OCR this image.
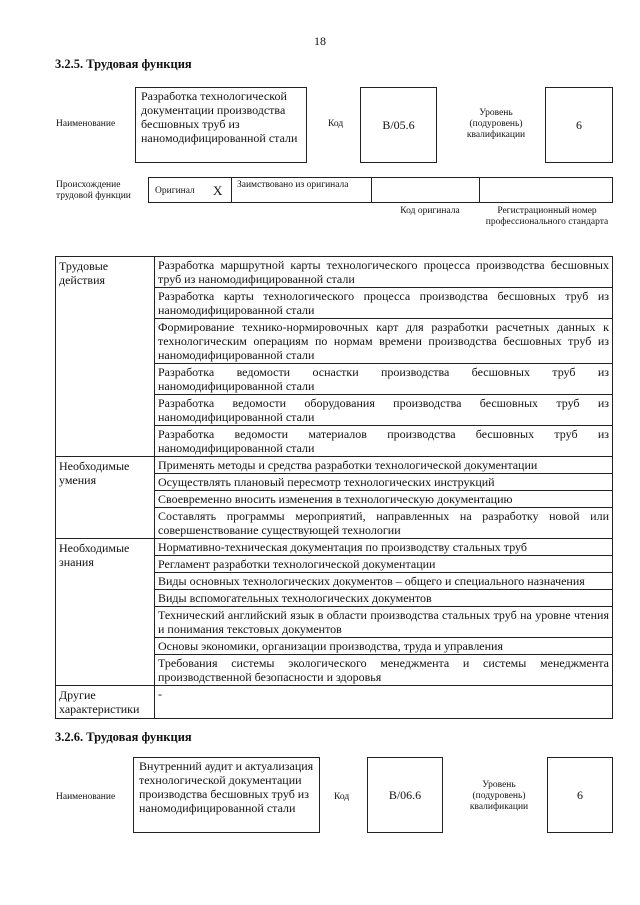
18
3.2.5. Трудовая функция
Наименование
Разработка технологической документации производства бесшовных труб из наномодифицированной стали
Код	B/05.6
Уровень (подуровень) квалификации
6
Происхождение трудовой функции	Оригинал X Заимствовано из оригинала
Код оригинала	Регистрационный номер профессионального стандарта
Трудовые действия	Разработка маршрутной карты технологического процесса производства бесшовных труб из наномодифицированной стали
	Разработка карты технологического процесса производства бесшовных труб из наномодифицированной стали
	Формирование технико-нормировочных карт для разработки расчетных данных к технологическим операциям по нормам времени производства бесшовных труб из наномодифицированной стали
	Разработка ведомости оснастки производства бесшовных труб из наномодифицированной стали
	Разработка ведомости оборудования производства бесшовных труб из наномодифицированной стали
	Разработка ведомости материалов производства бесшовных труб из наномодифицированной стали
Необходимые умения	Применять методы и средства разработки технологической документации
	Осуществлять плановый пересмотр технологических инструкций
	Своевременно вносить изменения в технологическую документацию
	Составлять программы мероприятий, направленных на разработку новой или совершенствование существующей технологии
Необходимые знания	Нормативно-техническая документация по производству стальных труб
	Регламент разработки технологической документации
	Виды основных технологических документов – общего и специального назначения
	Виды вспомогательных технологических документов
	Технический английский язык в области производства стальных труб на уровне чтения и понимания текстовых документов
	Основы экономики, организации производства, труда и управления
	Требования системы экологического менеджмента и системы менеджмента производственной безопасности и здоровья
Другие характеристики	-
3.2.6. Трудовая функция
Наименование
Внутренний аудит и актуализация технологической документации производства бесшовных труб из наномодифицированной стали
Код	B/06.6
Уровень (подуровень) квалификации
6
